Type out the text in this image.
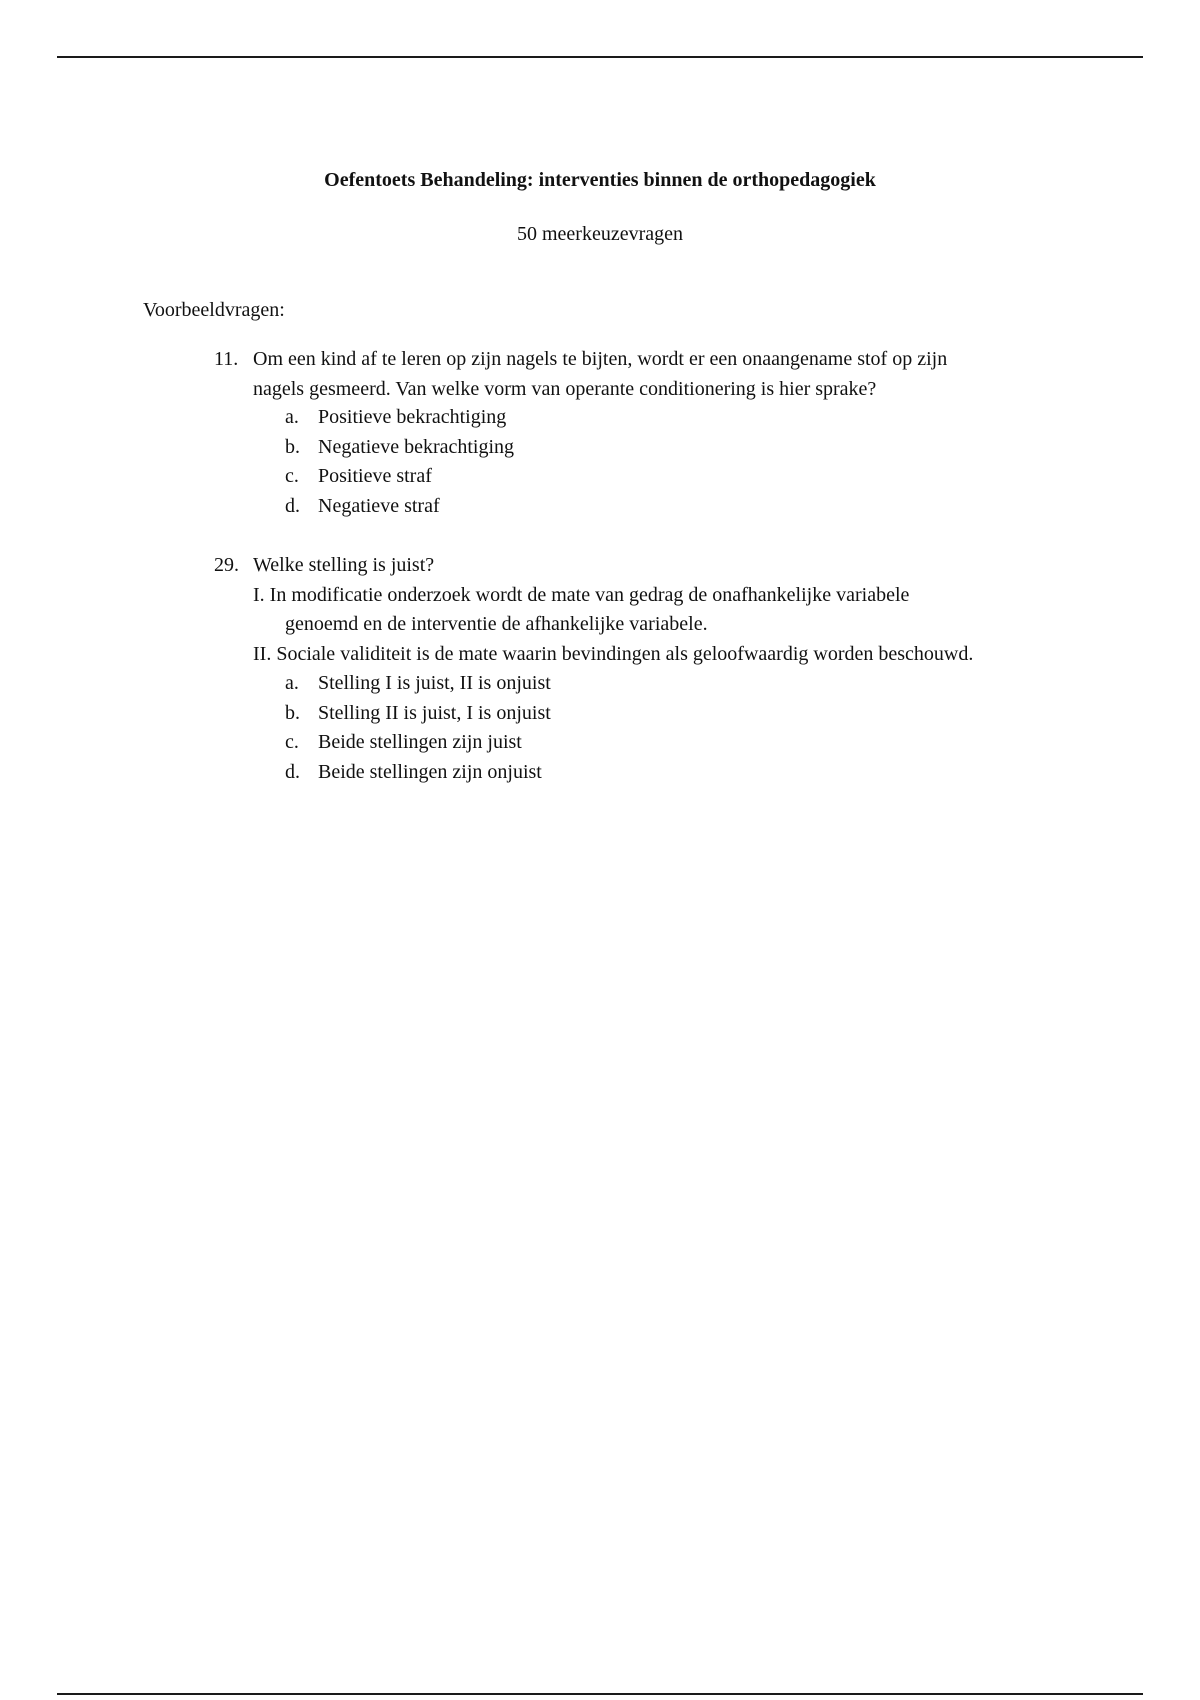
Oefentoets Behandeling: interventies binnen de orthopedagogiek
50 meerkeuzevragen
Voorbeeldvragen:
11. Om een kind af te leren op zijn nagels te bijten, wordt er een onaangename stof op zijn
nagels gesmeerd. Van welke vorm van operante conditionering is hier sprake?
a. Positieve bekrachtiging
b. Negatieve bekrachtiging
c. Positieve straf
d. Negatieve straf
29. Welke stelling is juist?
I. In modificatie onderzoek wordt de mate van gedrag de onafhankelijke variabele
genoemd en de interventie de afhankelijke variabele.
II. Sociale validiteit is de mate waarin bevindingen als geloofwaardig worden beschouwd.
a. Stelling I is juist, II is onjuist
b. Stelling II is juist, I is onjuist
c. Beide stellingen zijn juist
d. Beide stellingen zijn onjuist
